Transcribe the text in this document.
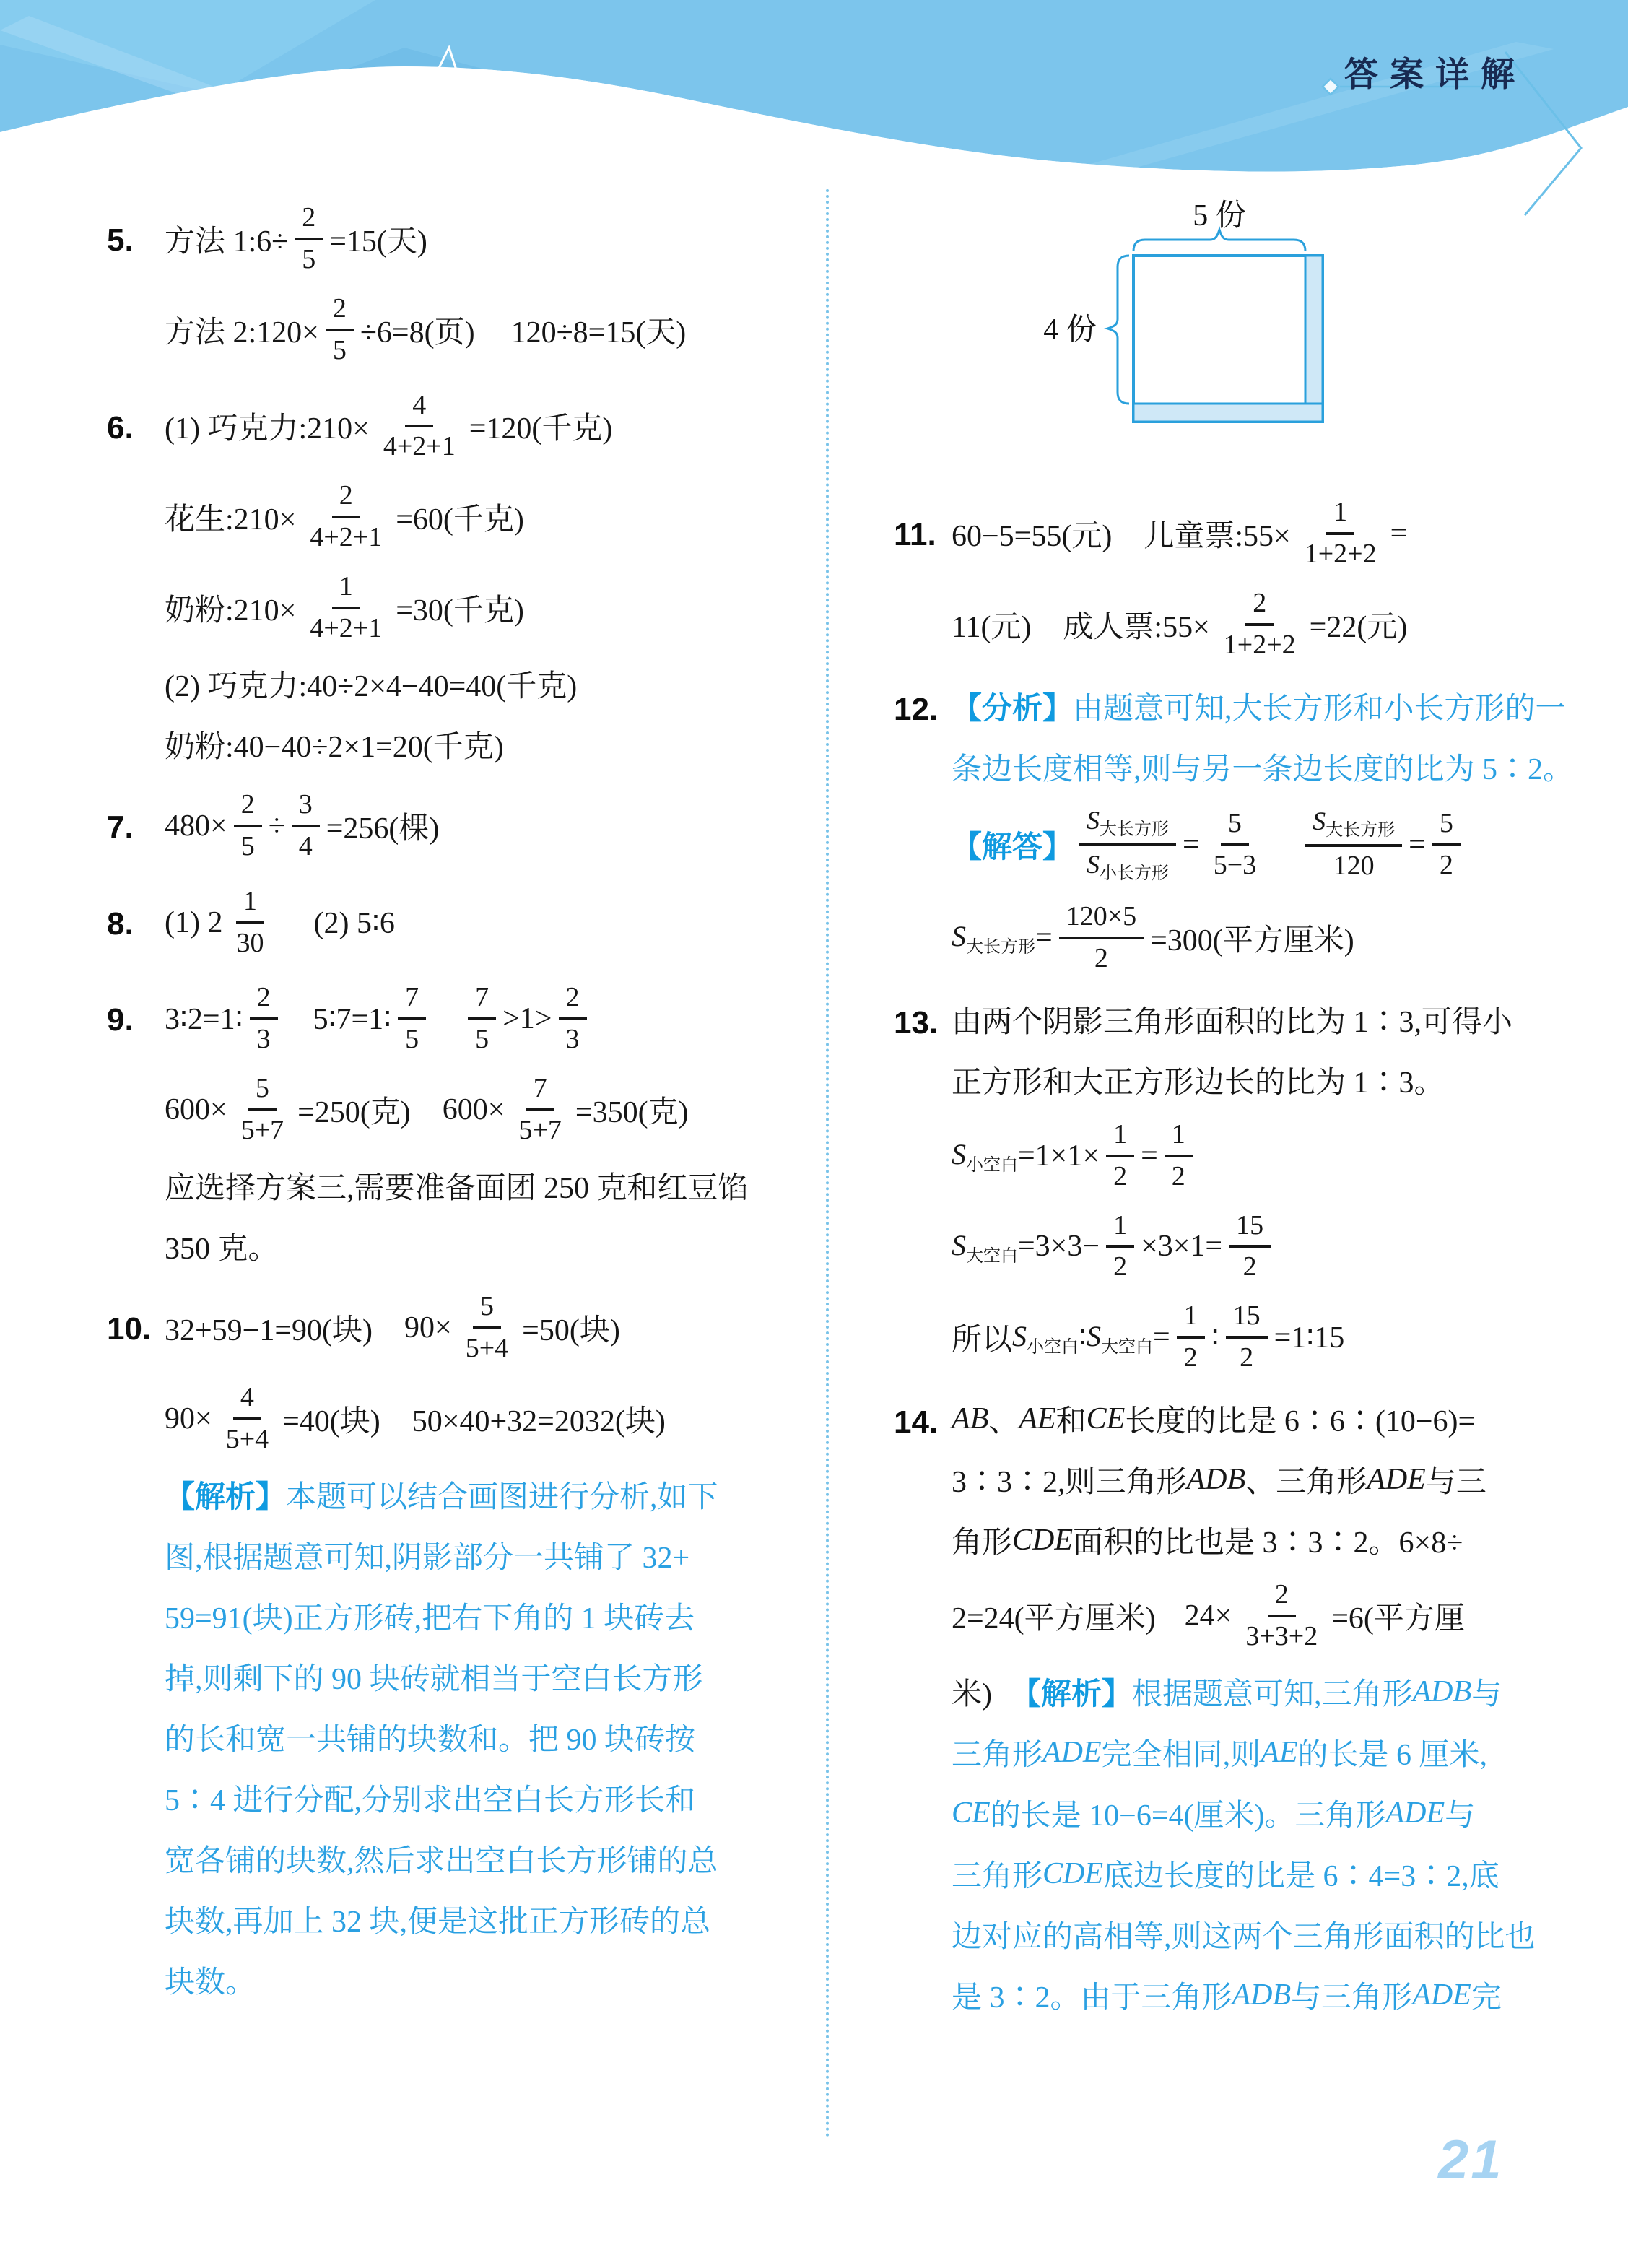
答案详解
5.	方法 1:6÷ $\frac{2}{5} =15$(天)
方法 2:120× $\frac{2}{5} \div 6=8$(页) 120÷8=15(天)
6.	(1) 巧克力:210× $\frac{4}{4+2+1} =120$(千克)
花生:210× $\frac{2}{4+2+1} =60$(千克)
奶粉:210× $\frac{1}{4+2+1} =30$(千克)
(2) 巧克力:40÷2×4−40=40(千克)
奶粉:40−40÷2×1=20(千克)
7.	$480\times \frac{2}{5} \div \frac{3}{4} =256$(棵)
8.	(1) $2 \frac{1}{30} (2)$ 5∶6
9.	3∶2=1∶ $\frac{2}{3}$ 5∶7=1∶ $\frac{7}{5} \frac{7}{5} >1> \frac{2}{3}$
$600\times \frac{5}{5+7} =250$(克) $600\times \frac{7}{5+7} =350$(克)
应选择方案三,需要准备面团 250 克和红豆馅
350 克。
10. 32+59−1=90(块) $90\times \frac{5}{5+4} =50$(块)
$90\times \frac{4}{5+4} =40$(块) 50×40+32=2032(块)
【解析】 本题可以结合画图进行分析,如下
图,根据题意可知,阴影部分一共铺了 32+
59=91(块)正方形砖,把右下角的 1 块砖去
掉,则剩下的 90 块砖就相当于空白长方形
的长和宽一共铺的块数和。把 90 块砖按
5∶4 进行分配,分别求出空白长方形长和
宽各铺的块数,然后求出空白长方形铺的总
块数,再加上 32 块,便是这批正方形砖的总
块数。
5 份
4 份
11. 60−5=55(元) 儿童票:55× $\frac{1}{1+2+2}$ =
11(元) 成人票:55× $\frac{2}{1+2+2} =22$(元)
12. 【分析】 由题意可知,大长方形和小长方形的一
条边长度相等,则与另一条边长度的比为 5∶2。
【解答】
$S_{大长方形}$
$S_{小长方形}$
= $\frac{5}{5-3} S_{大长方形}$
120
= $\frac{5}{2}$
$S_{大长方形} = \frac{120\times 5}{2} =300$(平方厘米)
13. 由两个阴影三角形面积的比为 1∶3,可得小
正方形和大正方形边长的比为 1∶3。
$S_{小空白} =1\times 1\times \frac{1}{2} = \frac{1}{2}$
$S_{大空白} =3\times 3- \frac{1}{2} \times 3\times 1= \frac{15}{2}$
所以 $S_{小空白}$ ∶ $S_{大空白} = \frac{1}{2}$ ∶ $\frac{15}{2}$ =1∶15
14. AB 、 AE 和 CE 长度的比是 6∶6∶(10−6)=
3∶3∶2,则三角形 ADB 、三角形 ADE 与三
角形 CDE 面积的比也是 3∶3∶2。6×8÷
2=24(平方厘米) $24\times \frac{2}{3+3+2} =6$(平方厘
米) 【解析】 根据题意可知,三角形 ADB 与
三角形 ADE 完全相同,则 AE 的长是 6 厘米,
CE 的长是 10−6=4(厘米)。三角形 ADE 与
三角形 CDE 底边长度的比是 6∶4=3∶2,底
边对应的高相等,则这两个三角形面积的比也
是 3∶2。由于三角形 ADB 与三角形 ADE 完
21
